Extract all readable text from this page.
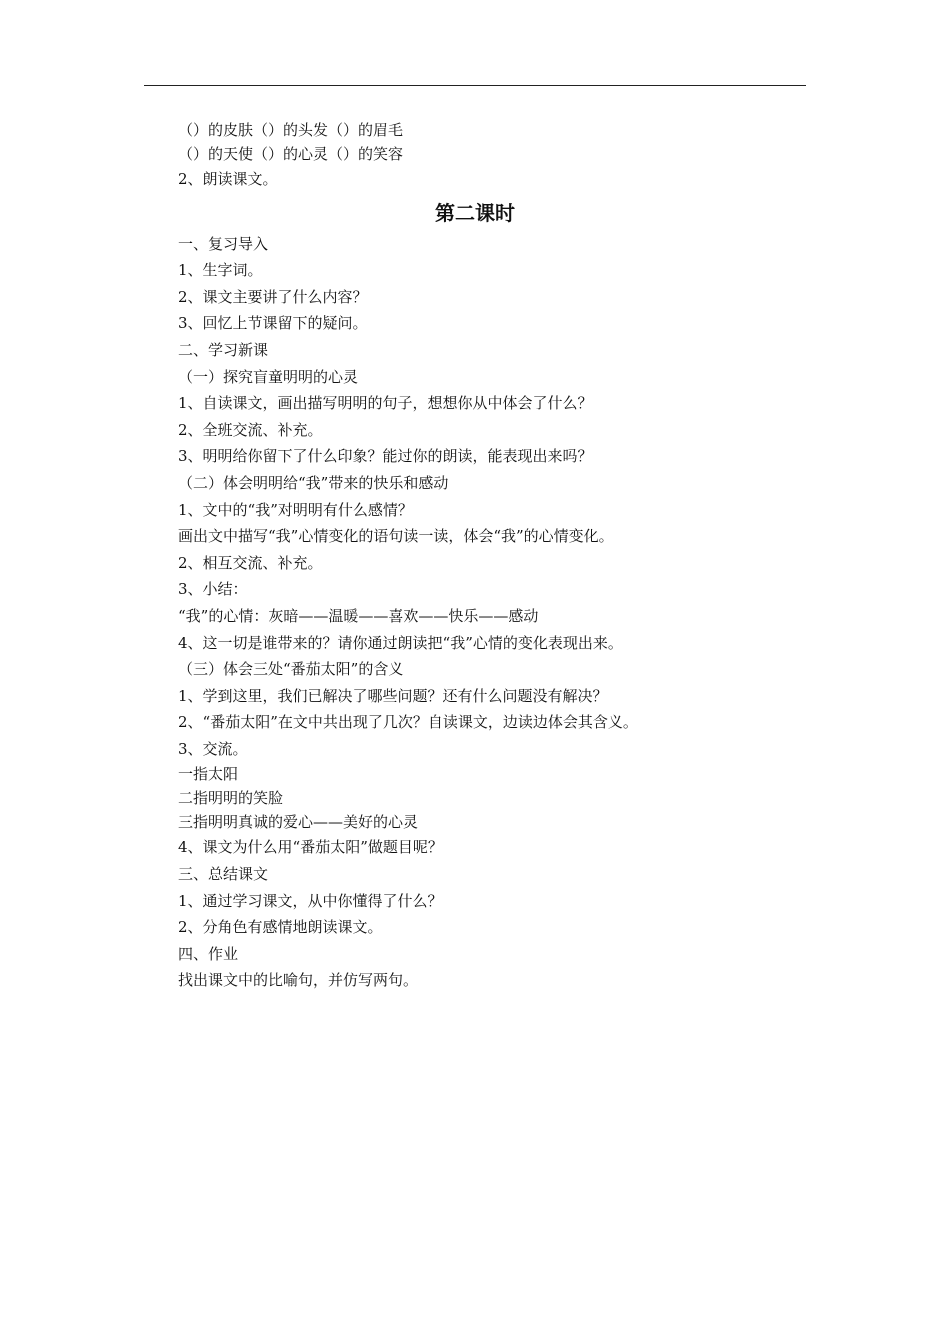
（）的皮肤（）的头发（）的眉毛
（）的天使（）的心灵（）的笑容
2、朗读课文。
第二课时
一、复习导入
1、生字词。
2、课文主要讲了什么内容？
3、回忆上节课留下的疑问。
二、学习新课
（一）探究盲童明明的心灵
1、自读课文，画出描写明明的句子，想想你从中体会了什么？
2、全班交流、补充。
3、明明给你留下了什么印象？能过你的朗读，能表现出来吗？
（二）体会明明给“我”带来的快乐和感动
1、文中的“我”对明明有什么感情？
画出文中描写“我”心情变化的语句读一读，体会“我”的心情变化。
2、相互交流、补充。
3、小结：
“我”的心情：灰暗——温暖——喜欢——快乐——感动
4、这一切是谁带来的？请你通过朗读把“我”心情的变化表现出来。
（三）体会三处“番茄太阳”的含义
1、学到这里，我们已解决了哪些问题？还有什么问题没有解决？
2、“番茄太阳”在文中共出现了几次？自读课文，边读边体会其含义。
3、交流。
一指太阳
二指明明的笑脸
三指明明真诚的爱心——美好的心灵
4、课文为什么用“番茄太阳”做题目呢？
三、总结课文
1、通过学习课文，从中你懂得了什么？
2、分角色有感情地朗读课文。
四、作业
找出课文中的比喻句，并仿写两句。
